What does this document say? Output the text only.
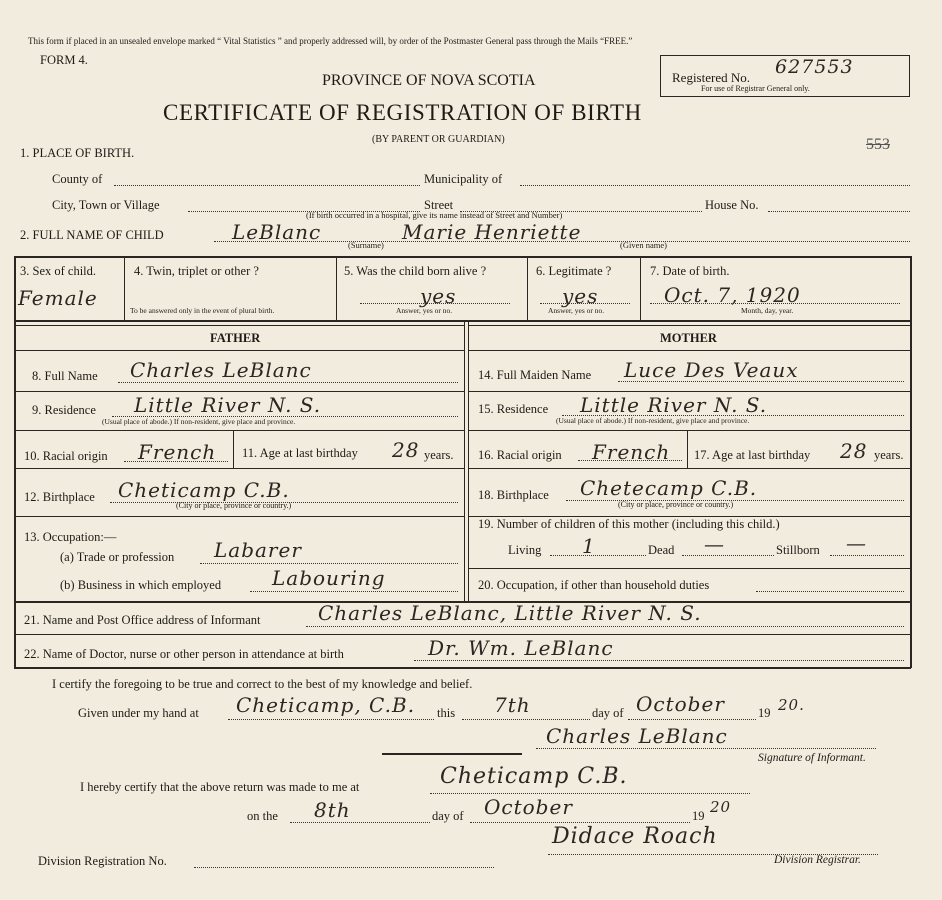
This form if placed in an unsealed envelope marked “ Vital Statistics ” and properly addressed will, by order of the Postmaster General pass through the Mails “FREE.”
FORM 4.
PROVINCE OF NOVA SCOTIA
CERTIFICATE OF REGISTRATION OF BIRTH
(BY PARENT OR GUARDIAN)
Registered No. 627553
For use of Registrar General only.
553
1. PLACE OF BIRTH.
County of	Municipality of
City, Town or Village	Street	House No.
(If birth occurred in a hospital, give its name instead of Street and Number)
2. FULL NAME OF CHILD	LeBlanc	Marie Henriette
(Surname)	(Given name)
3. Sex of child.
Female
4. Twin, triplet or other ?
To be answered only in the event of plural birth.
5. Was the child born alive ?
yes
Answer, yes or no.
6. Legitimate ?
yes
Answer, yes or no.
7. Date of birth.
Oct. 7, 1920
Month, day, year.
FATHER
8. Full Name Charles LeBlanc
9. Residence Little River N. S.
(Usual place of abode.) If non-resident, give place and province.
10. Racial origin French 11. Age at last birthday 28 years.
12. Birthplace Cheticamp C.B.
(City or place, province or country.)
13. Occupation:—
(a) Trade or profession Labarer
(b) Business in which employed	Labouring
MOTHER
14. Full Maiden Name Luce Des Veaux
15. Residence Little River N. S.
(Usual place of abode.) If non-resident, give place and province.
16. Racial origin French 17. Age at last birthday 28 years.
18. Birthplace Chetecamp C.B.
(City or place, province or country.)
19. Number of children of this mother (including this child.)
Living 1	Dead —	Stillborn —
20. Occupation, if other than household duties
21. Name and Post Office address of Informant	Charles LeBlanc, Little River N. S.
22. Name of Doctor, nurse or other person in attendance at birth	Dr. Wm. LeBlanc
I certify the foregoing to be true and correct to the best of my knowledge and belief.
Given under my hand at Cheticamp, C.B. this 7th	day of October	19 20.
Charles LeBlanc
Signature of Informant.
I hereby certify that the above return was made to me at	Cheticamp C.B.
on the 8th	day of October	19 20
Division Registration No.
Didace Roach
Division Registrar.
